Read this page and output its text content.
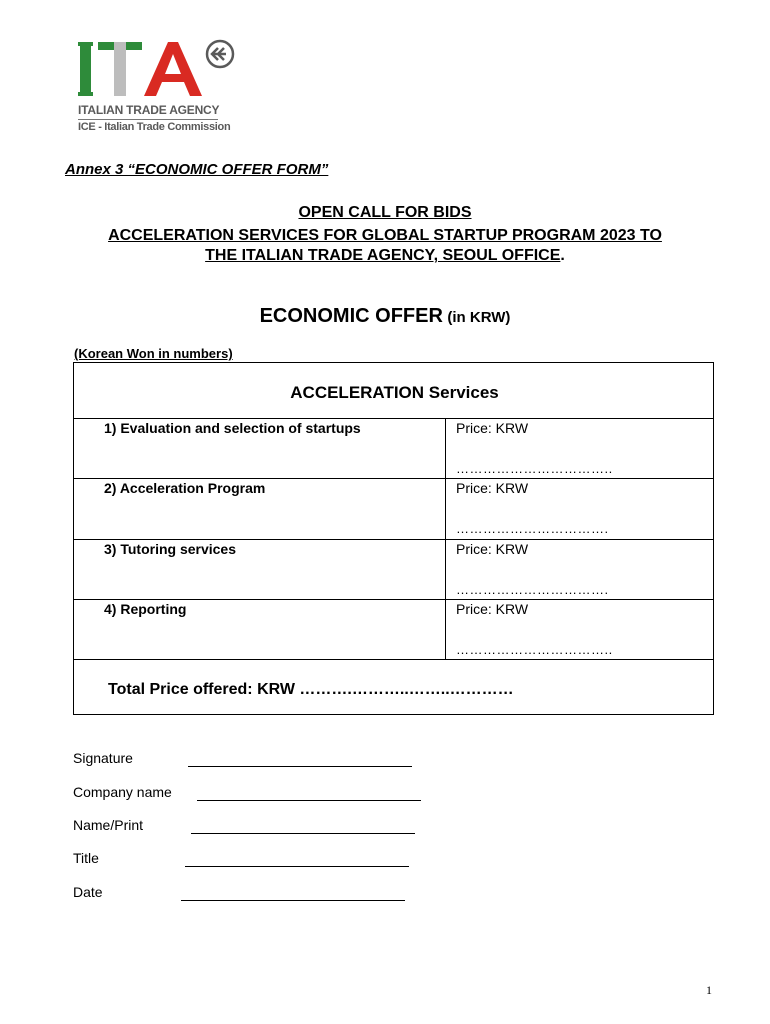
ITALIAN TRADE AGENCY
ICE - Italian Trade Commission
Annex 3 “ECONOMIC OFFER FORM”
OPEN CALL FOR BIDS
ACCELERATION SERVICES FOR GLOBAL STARTUP PROGRAM 2023 TO
THE ITALIAN TRADE AGENCY, SEOUL OFFICE.
ECONOMIC OFFER (in KRW)
(Korean Won in numbers)
ACCELERATION Services
1) Evaluation and selection of startups	Price: KRW
……………………………..
2) Acceleration Program	Price: KRW
…………………………….
3) Tutoring services	Price: KRW
…………………………….
4) Reporting	Price: KRW
……………………………..
Total Price offered: KRW ……….………..……..…………
Signature
Company name
Name/Print
Title
Date
1
